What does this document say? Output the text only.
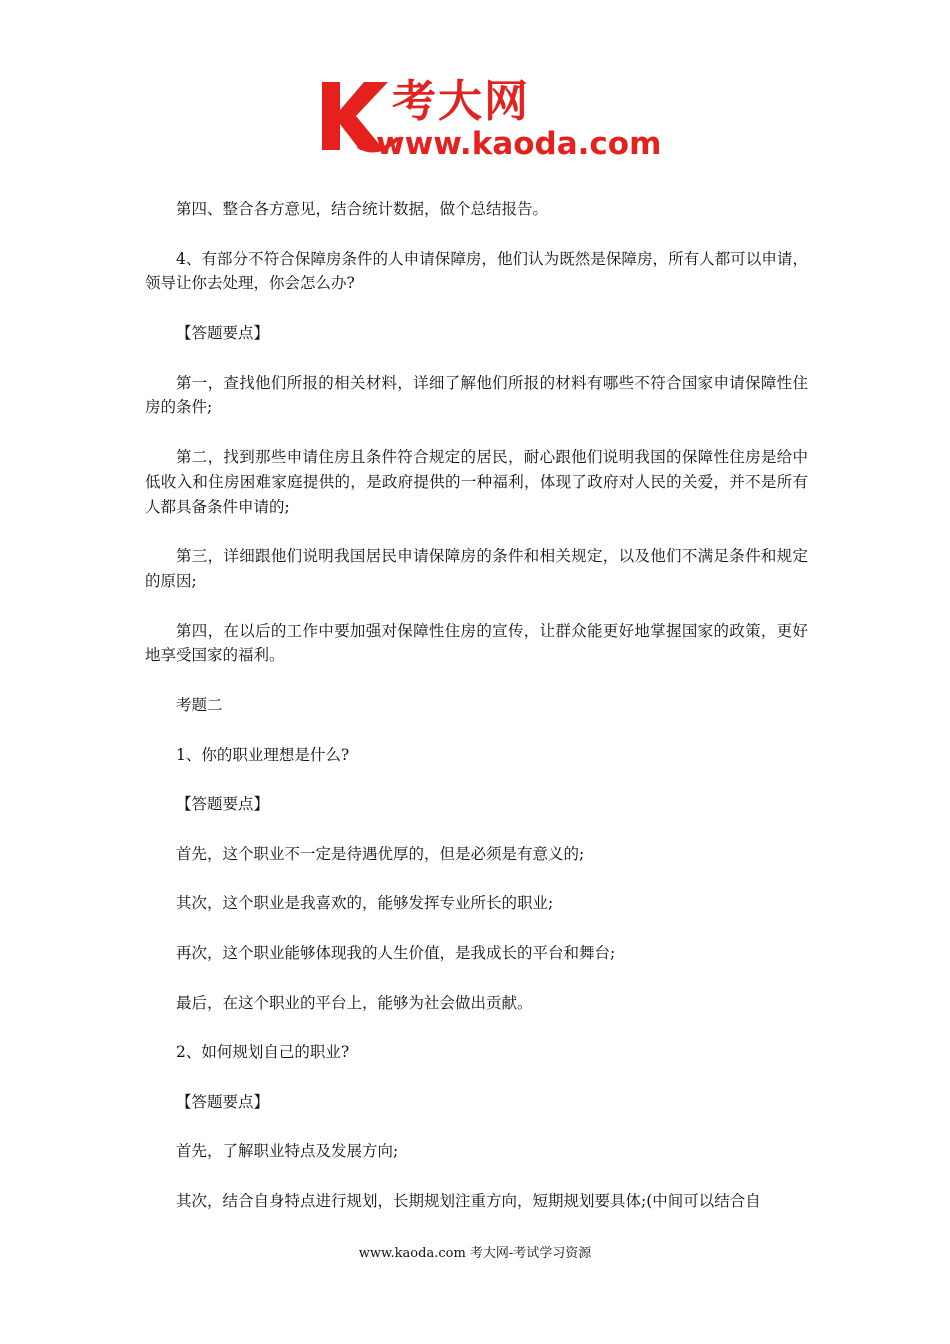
考大网
www.kaoda.com

第四、整合各方意见，结合统计数据，做个总结报告。

4、有部分不符合保障房条件的人申请保障房，他们认为既然是保障房，所有人都可以申请，领导让你去处理，你会怎么办?

【答题要点】

第一，查找他们所报的相关材料，详细了解他们所报的材料有哪些不符合国家申请保障性住房的条件;

第二，找到那些申请住房且条件符合规定的居民，耐心跟他们说明我国的保障性住房是给中低收入和住房困难家庭提供的，是政府提供的一种福利，体现了政府对人民的关爱，并不是所有人都具备条件申请的;

第三，详细跟他们说明我国居民申请保障房的条件和相关规定，以及他们不满足条件和规定的原因;

第四，在以后的工作中要加强对保障性住房的宣传，让群众能更好地掌握国家的政策，更好地享受国家的福利。

考题二

1、你的职业理想是什么?

【答题要点】

首先，这个职业不一定是待遇优厚的，但是必须是有意义的;

其次，这个职业是我喜欢的，能够发挥专业所长的职业;

再次，这个职业能够体现我的人生价值，是我成长的平台和舞台;

最后，在这个职业的平台上，能够为社会做出贡献。

2、如何规划自己的职业?

【答题要点】

首先，了解职业特点及发展方向;

其次，结合自身特点进行规划，长期规划注重方向，短期规划要具体;(中间可以结合自

www.kaoda.com 考大网-考试学习资源
